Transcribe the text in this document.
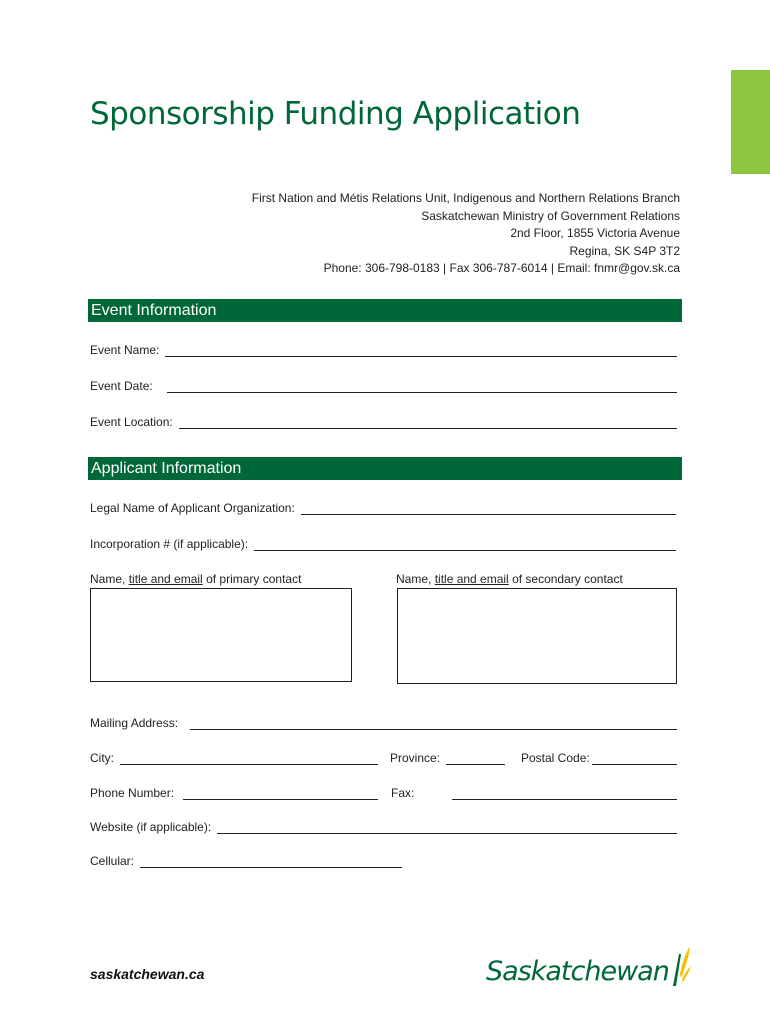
Sponsorship Funding Application
First Nation and Métis Relations Unit, Indigenous and Northern Relations Branch
Saskatchewan Ministry of Government Relations
2nd Floor, 1855 Victoria Avenue
Regina, SK S4P 3T2
Phone: 306-798-0183 | Fax 306-787-6014 | Email: fnmr@gov.sk.ca
Event Information
Event Name:
Event Date:
Event Location:
Applicant Information
Legal Name of Applicant Organization:
Incorporation # (if applicable):
Name, title and email of primary contact	Name, title and email of secondary contact
Mailing Address:
City:	Province:	Postal Code:
Phone Number:	Fax:
Website (if applicable):
Cellular:
saskatchewan.ca	Saskatchewan
